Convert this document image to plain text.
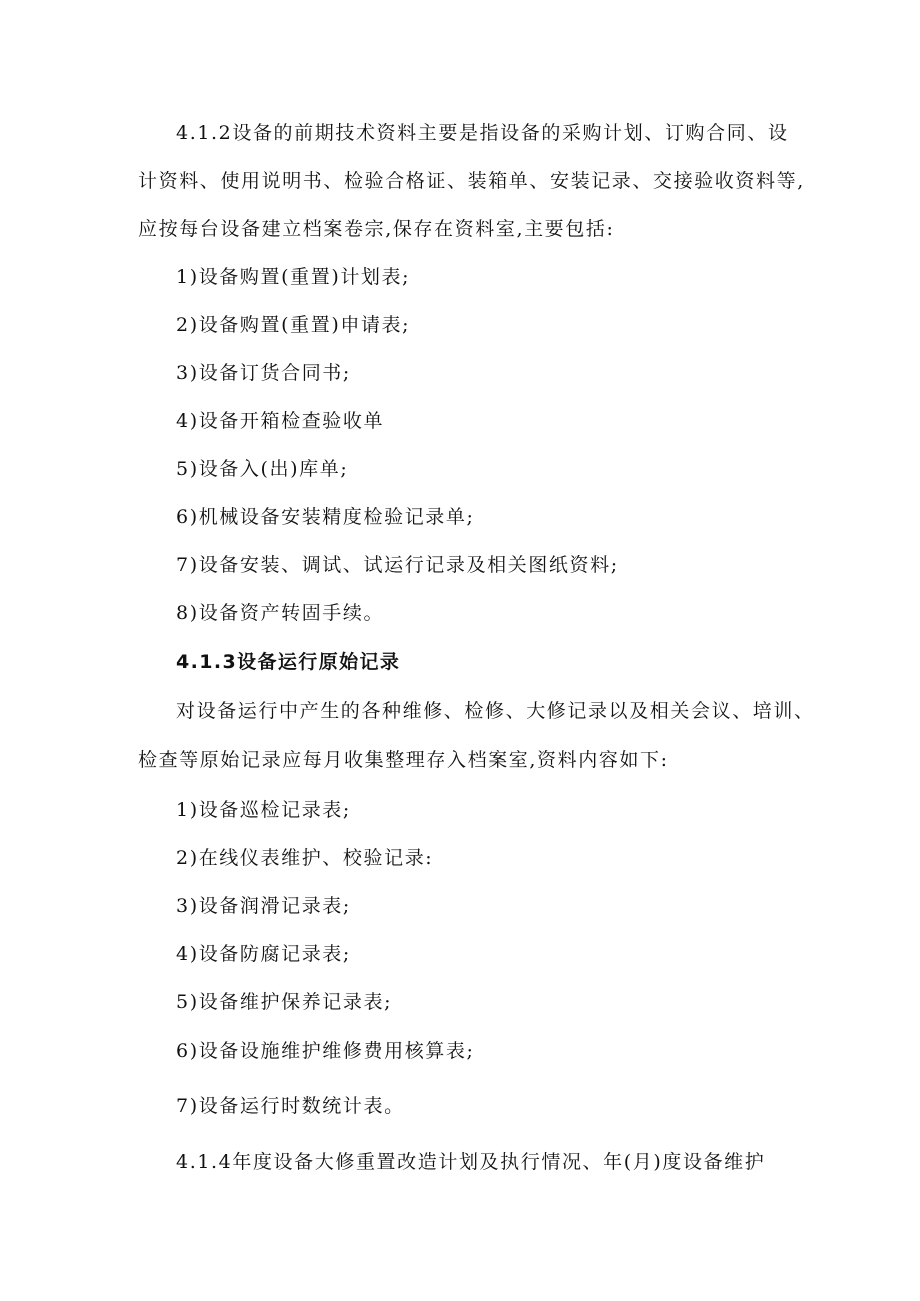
4.1.2设备的前期技术资料主要是指设备的采购计划、订购合同、设
计资料、使用说明书、检验合格证、装箱单、安装记录、交接验收资料等,
应按每台设备建立档案卷宗,保存在资料室,主要包括:
1)设备购置(重置)计划表;
2)设备购置(重置)申请表;
3)设备订货合同书;
4)设备开箱检查验收单
5)设备入(出)库单;
6)机械设备安装精度检验记录单;
7)设备安装、调试、试运行记录及相关图纸资料;
8)设备资产转固手续。
4.1.3设备运行原始记录
对设备运行中产生的各种维修、检修、大修记录以及相关会议、培训、
检查等原始记录应每月收集整理存入档案室,资料内容如下:
1)设备巡检记录表;
2)在线仪表维护、校验记录:
3)设备润滑记录表;
4)设备防腐记录表;
5)设备维护保养记录表;
6)设备设施维护维修费用核算表;
7)设备运行时数统计表。
4.1.4年度设备大修重置改造计划及执行情况、年(月)度设备维护
